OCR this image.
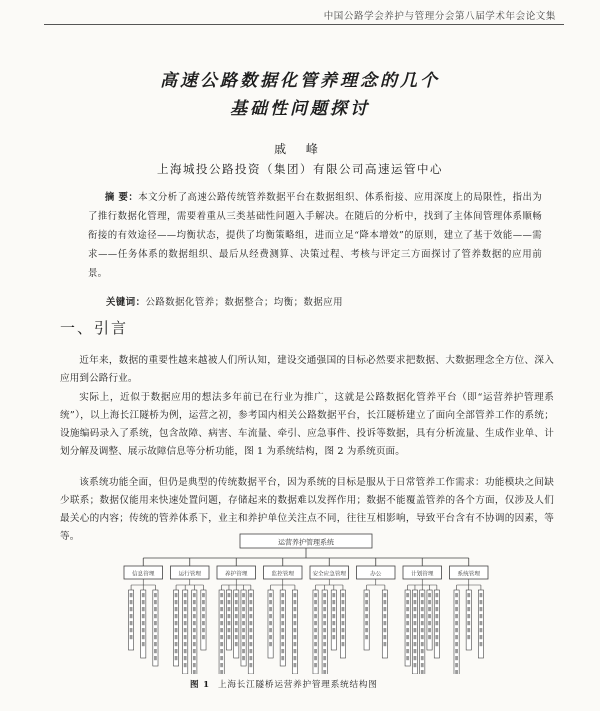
中国公路学会养护与管理分会第八届学术年会论文集
高速公路数据化管养理念的几个
基础性问题探讨
戚 峰
上海城投公路投资（集团）有限公司高速运管中心

摘 要：本文分析了高速公路传统管养数据平台在数据组织、体系衔接、应用深度上的局限性，指出为了推行数据化管理，需要着重从三类基础性问题入手解决。在随后的分析中，找到了主体间管理体系顺畅衔接的有效途径——均衡状态，提供了均衡策略组，进而立足“降本增效”的原则，建立了基于效能——需求——任务体系的数据组织、最后从经费测算、决策过程、考核与评定三方面探讨了管养数据的应用前景。

关键词：公路数据化管养；数据整合；均衡；数据应用
一、引言

近年来，数据的重要性越来越被人们所认知，建设交通强国的目标必然要求把数据、大数据理念全方位、深入应用到公路行业。

实际上，近似于数据应用的想法多年前已在行业为推广，这就是公路数据化管养平台（即“运营养护管理系统”），以上海长江隧桥为例，运营之初，参考国内相关公路数据平台，长江隧桥建立了面向全部管养工作的系统；设施编码录入了系统，包含故障、病害、车流量、牵引、应急事件、投诉等数据，具有分析流量、生成作业单、计划分解及调整、展示故障信息等分析功能，图 1 为系统结构，图 2 为系统页面。

该系统功能全面，但仍是典型的传统数据平台，因为系统的目标是服从于日常管养工作需求：功能模块之间缺少联系；数据仅能用来快速处置问题，存储起来的数据难以发挥作用；数据不能覆盖管养的各个方面，仅涉及人们最关心的内容；传统的管养体系下，业主和养护单位关注点不同，往往互相影响，导致平台含有不协调的因素，等等。

运营养护管理系统
信息管理	运行管理	养护管理	监控管理	安全应急管理	办公	计划管理	系统管理
图 1 上海长江隧桥运营养护管理系统结构图
